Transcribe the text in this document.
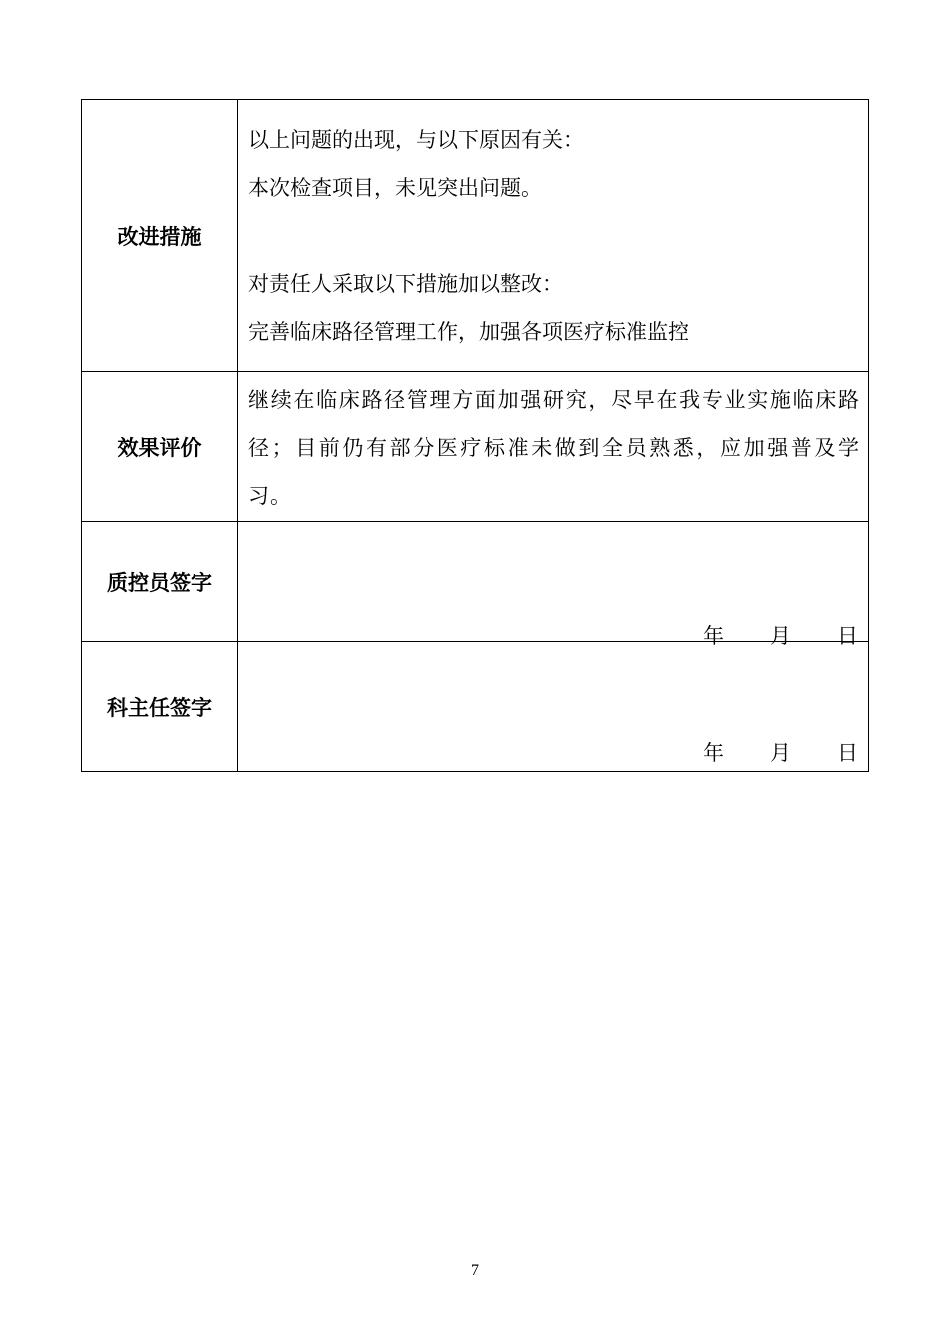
改进措施	以上问题的出现，与以下原因有关：
本次检查项目，未见突出问题。
对责任人采取以下措施加以整改：
完善临床路径管理工作，加强各项医疗标准监控

效果评价	继续在临床路径管理方面加强研究，尽早在我专业实施临床路径；目前仍有部分医疗标准未做到全员熟悉，应加强普及学习。
质控员签字	年 月 日

科主任签字	年 月 日
7
